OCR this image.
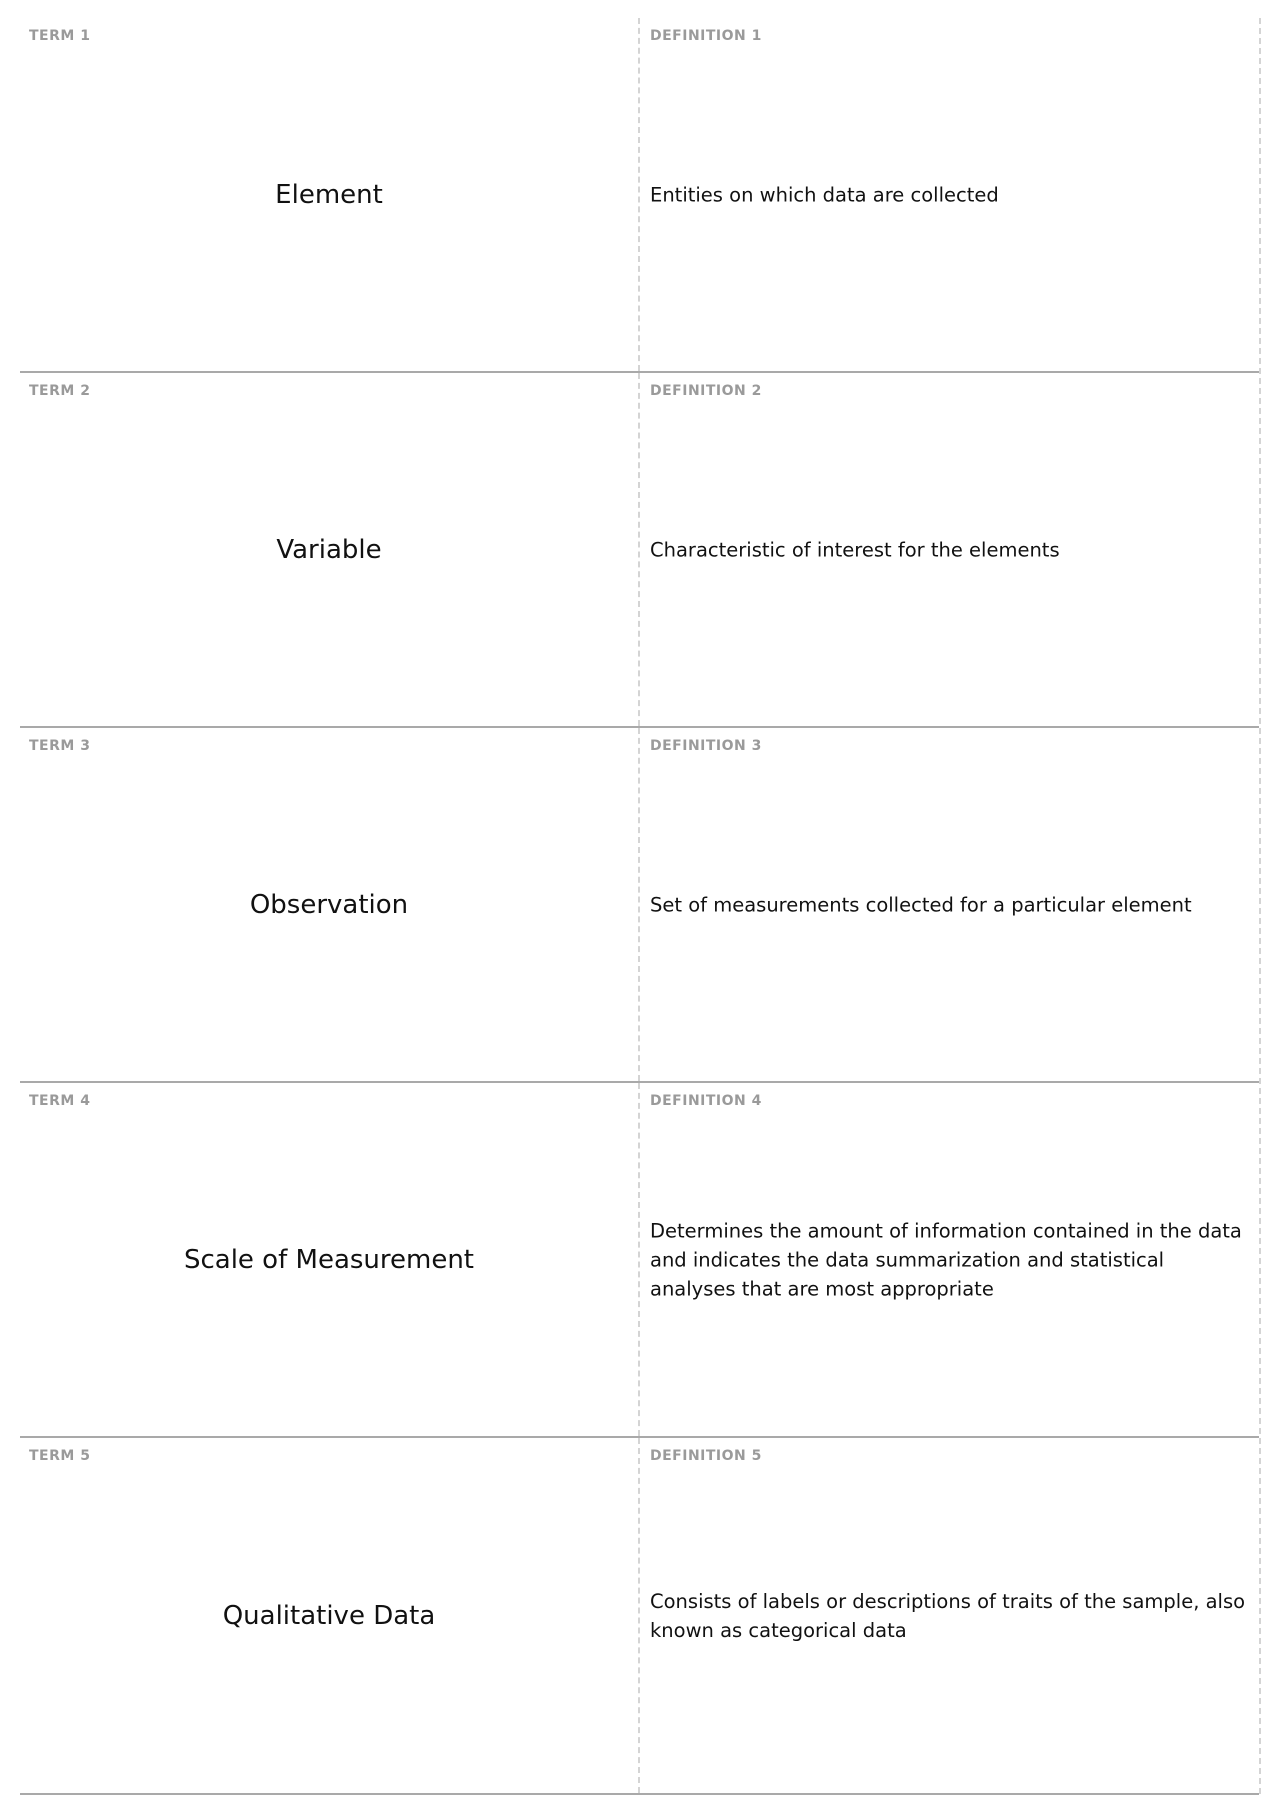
TERM 1
Element
DEFINITION 1
Entities on which data are collected
TERM 2
Variable
DEFINITION 2
Characteristic of interest for the elements
TERM 3
Observation
DEFINITION 3
Set of measurements collected for a particular element
TERM 4
Scale of Measurement
DEFINITION 4
Determines the amount of information contained in the data and indicates the data summarization and statistical analyses that are most appropriate
TERM 5
Qualitative Data
DEFINITION 5
Consists of labels or descriptions of traits of the sample, also known as categorical data
